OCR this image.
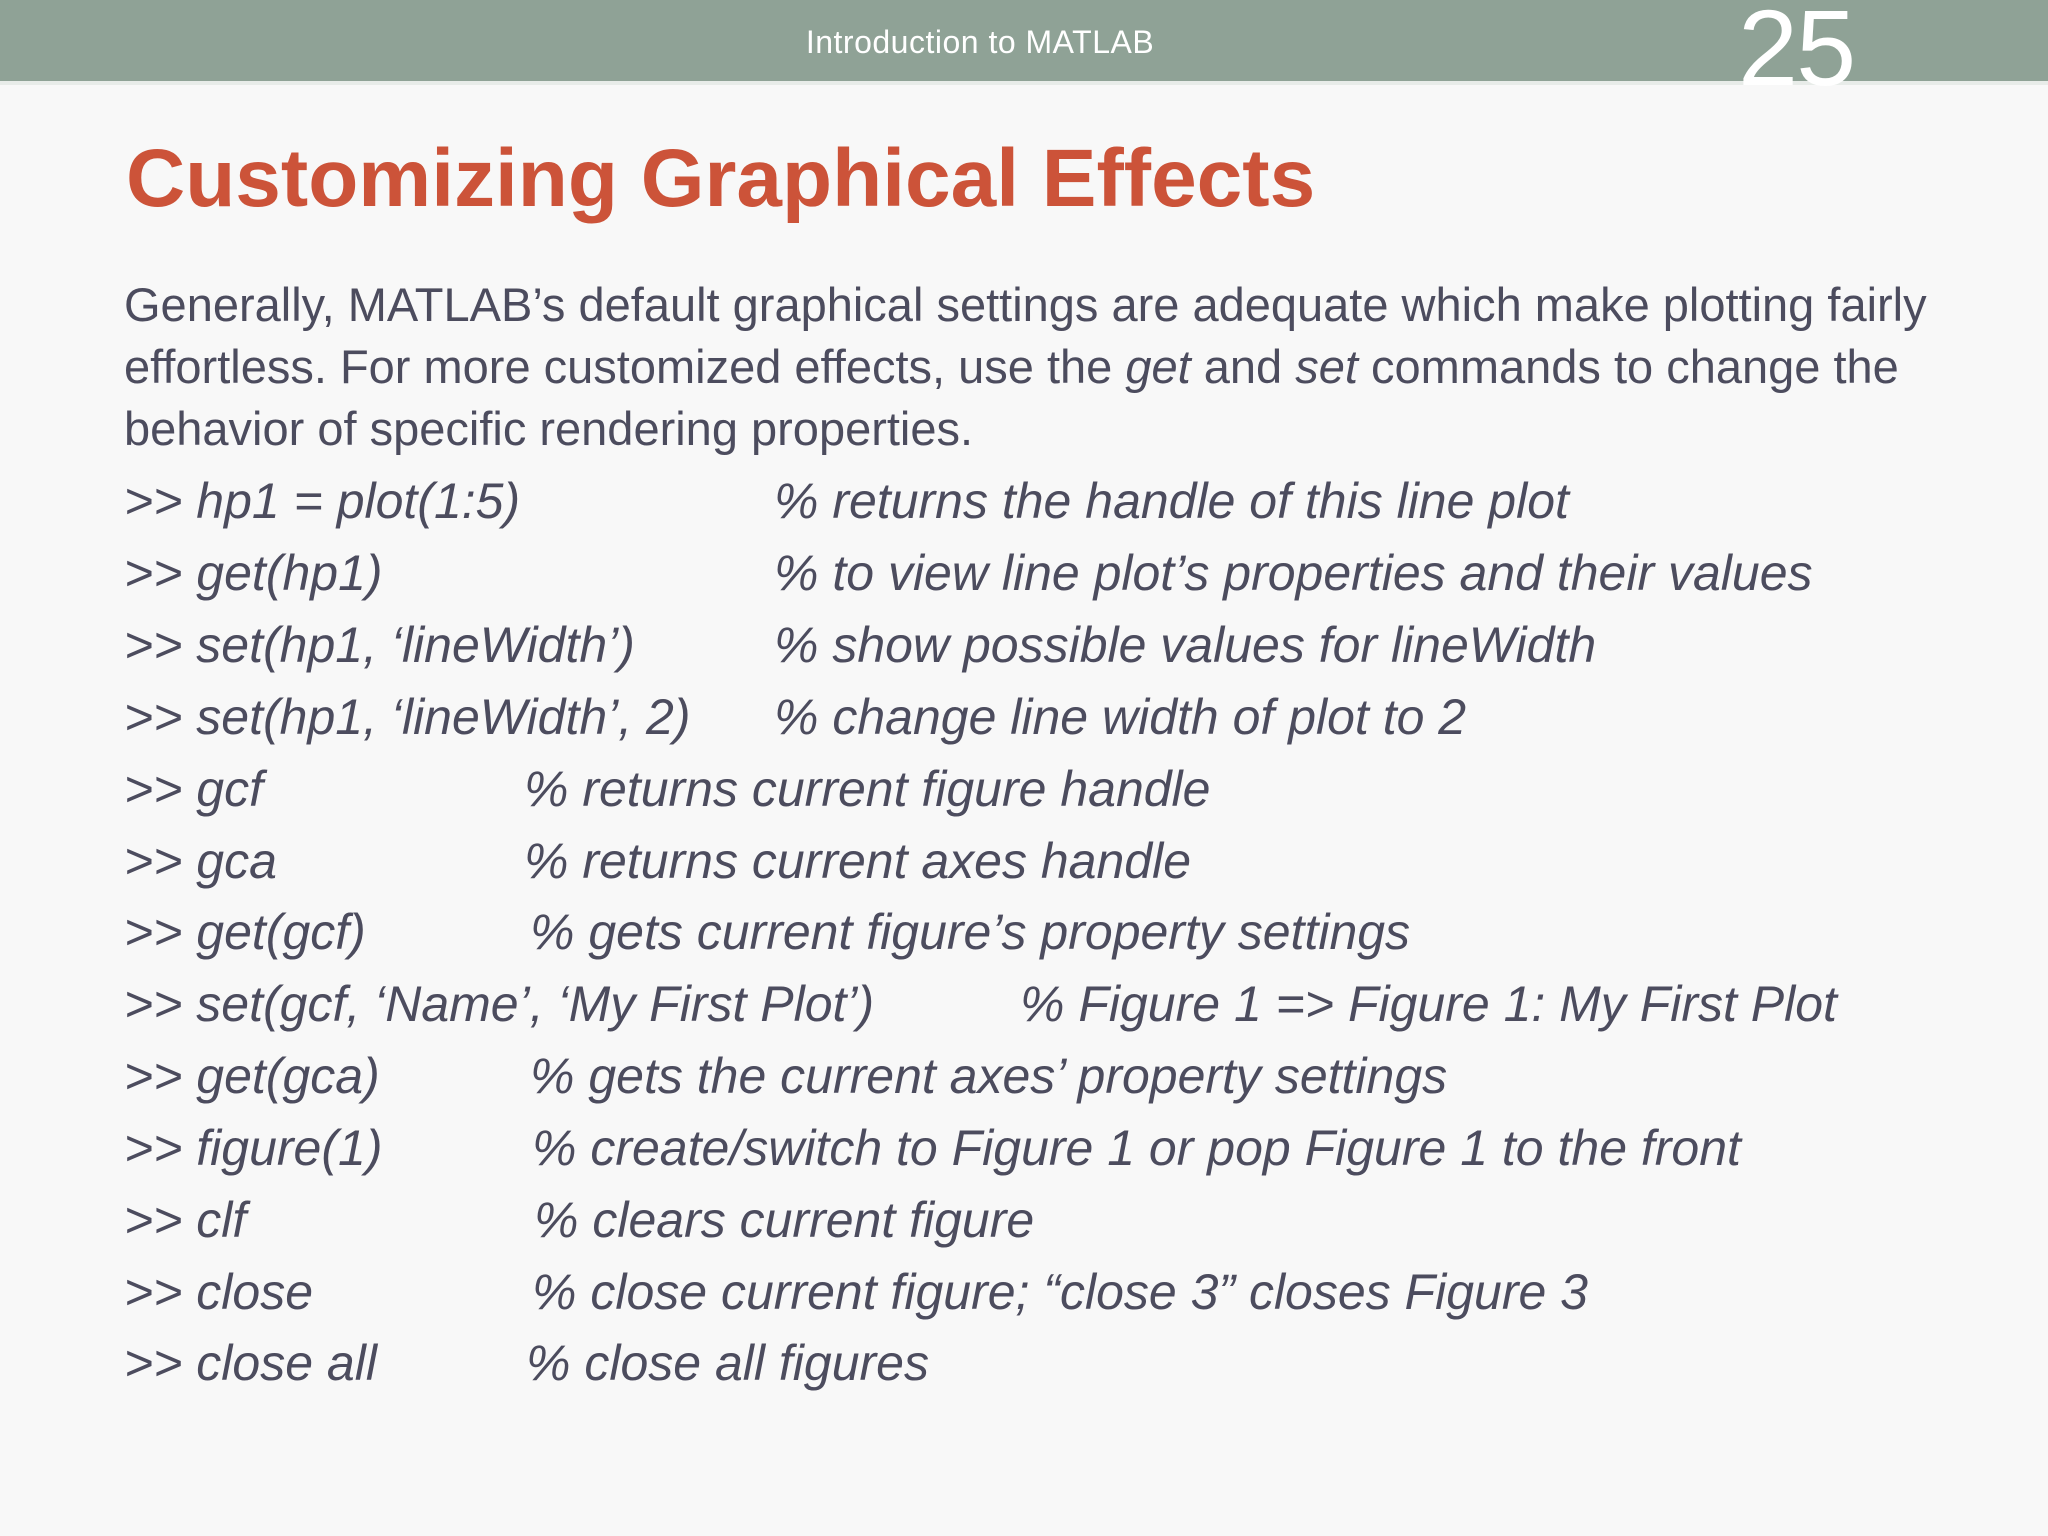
Introduction to MATLAB	25
Customizing Graphical Effects
Generally, MATLAB’s default graphical settings are adequate which make plotting fairly effortless. For more customized effects, use the get and set commands to change the behavior of specific rendering properties.
>> hp1 = plot(1:5)	% returns the handle of this line plot
>> get(hp1)	% to view line plot’s properties and their values
>> set(hp1, ‘lineWidth’)	% show possible values for lineWidth
>> set(hp1, ‘lineWidth’, 2) % change line width of plot to 2
>> gcf	% returns current figure handle
>> gca	% returns current axes handle
>> get(gcf)	% gets current figure’s property settings
>> set(gcf, ‘Name’, ‘My First Plot’)	% Figure 1 => Figure 1: My First Plot
>> get(gca)	% gets the current axes’ property settings
>> figure(1)	% create/switch to Figure 1 or pop Figure 1 to the front
>> clf	% clears current figure
>> close	% close current figure; “close 3” closes Figure 3
>> close all	% close all figures
